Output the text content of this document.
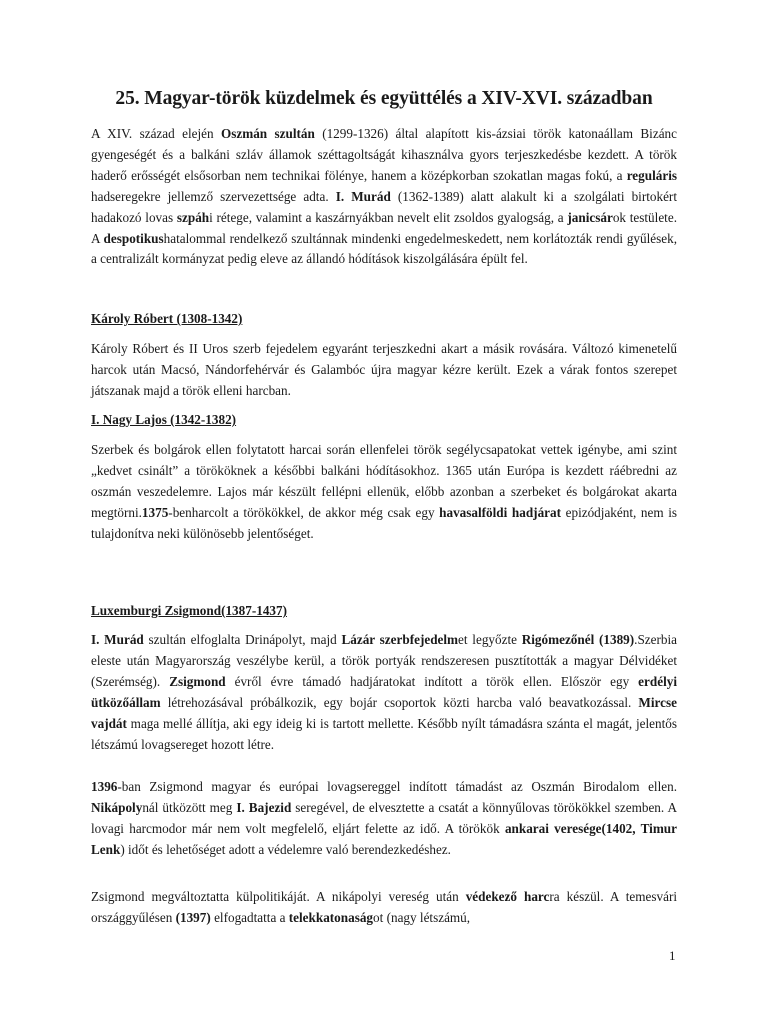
25. Magyar-török küzdelmek és együttélés a XIV-XVI. században

A XIV. század elején Oszmán szultán (1299-1326) által alapított kis-ázsiai török katonaállam Bizánc gyengeségét és a balkáni szláv államok széttagoltságát kihasználva gyors terjeszkedésbe kezdett. A török haderő erősségét elsősorban nem technikai fölénye, hanem a középkorban szokatlan magas fokú, a reguláris hadseregekre jellemző szervezettsége adta. I. Murád (1362-1389) alatt alakult ki a szolgálati birtokért hadakozó lovas szpáhi rétege, valamint a kaszárnyákban nevelt elit zsoldos gyalogság, a janicsárok testülete. A despotikushatalommal rendelkező szultánnak mindenki engedelmeskedett, nem korlátozták rendi gyűlések, a centralizált kormányzat pedig eleve az állandó hódítások kiszolgálására épült fel.

Károly Róbert (1308-1342)

Károly Róbert és II Uros szerb fejedelem egyaránt terjeszkedni akart a másik rovására. Változó kimenetelű harcok után Macsó, Nándorfehérvár és Galambóc újra magyar kézre került. Ezek a várak fontos szerepet játszanak majd a török elleni harcban.

I. Nagy Lajos (1342-1382)

Szerbek és bolgárok ellen folytatott harcai során ellenfelei török segélycsapatokat vettek igénybe, ami szint „kedvet csinált” a törököknek a későbbi balkáni hódításokhoz. 1365 után Európa is kezdett ráébredni az oszmán veszedelemre. Lajos már készült fellépni ellenük, előbb azonban a szerbeket és bolgárokat akarta megtörni.1375-benharcolt a törökökkel, de akkor még csak egy havasalföldi hadjárat epizódjaként, nem is tulajdonítva neki különösebb jelentőséget.

Luxemburgi Zsigmond(1387-1437)

I. Murád szultán elfoglalta Drinápolyt, majd Lázár szerbfejedelmet legyőzte Rigómezőnél (1389).Szerbia eleste után Magyarország veszélybe kerül, a török portyák rendszeresen pusztították a magyar Délvidéket (Szerémség). Zsigmond évről évre támadó hadjáratokat indított a török ellen. Először egy erdélyi ütközőállam létrehozásával próbálkozik, egy bojár csoportok közti harcba való beavatkozással. Mircse vajdát maga mellé állítja, aki egy ideig ki is tartott mellette. Később nyílt támadásra szánta el magát, jelentős létszámú lovagsereget hozott létre.

1396-ban Zsigmond magyar és európai lovagsereggel indított támadást az Oszmán Birodalom ellen. Nikápolynál ütközött meg I. Bajezid seregével, de elvesztette a csatát a könnyűlovas törökökkel szemben. A lovagi harcmodor már nem volt megfelelő, eljárt felette az idő. A törökök ankarai veresége(1402, Timur Lenk) időt és lehetőséget adott a védelemre való berendezkedéshez.

Zsigmond megváltoztatta külpolitikáját. A nikápolyi vereség után védekező harcra készül. A temesvári országgyűlésen (1397) elfogadtatta a telekkatonaságot (nagy létszámú,

1
